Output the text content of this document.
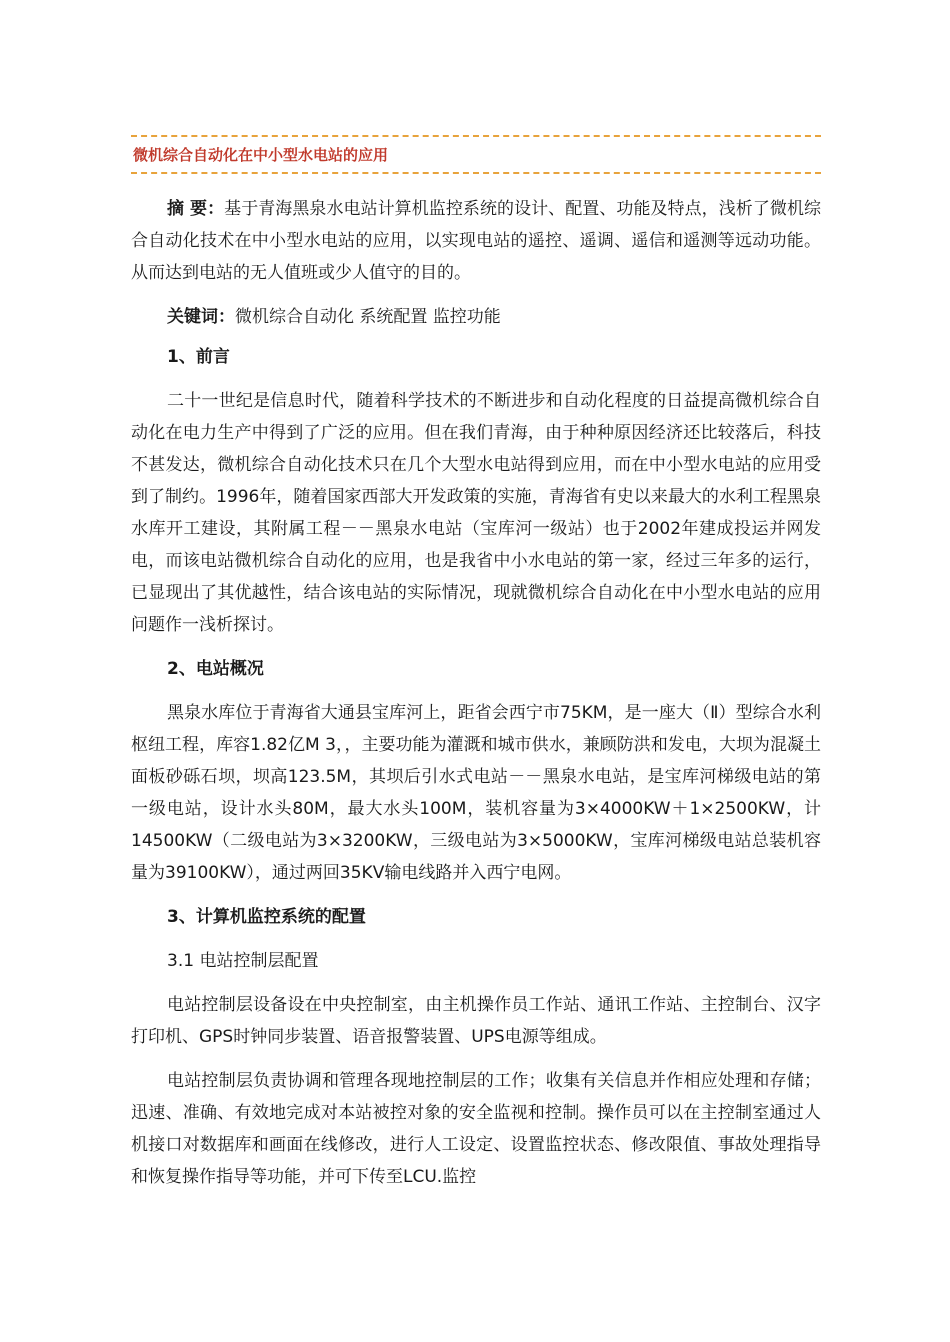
微机综合自动化在中小型水电站的应用

摘 要：基于青海黑泉水电站计算机监控系统的设计、配置、功能及特点，浅析了微机综合自动化技术在中小型水电站的应用，以实现电站的遥控、遥调、遥信和遥测等远动功能。从而达到电站的无人值班或少人值守的目的。

关键词：微机综合自动化 系统配置 监控功能

1、前言

二十一世纪是信息时代，随着科学技术的不断进步和自动化程度的日益提高微机综合自动化在电力生产中得到了广泛的应用。但在我们青海，由于种种原因经济还比较落后，科技不甚发达，微机综合自动化技术只在几个大型水电站得到应用，而在中小型水电站的应用受到了制约。1996年，随着国家西部大开发政策的实施，青海省有史以来最大的水利工程黑泉水库开工建设，其附属工程－－黑泉水电站（宝库河一级站）也于2002年建成投运并网发电，而该电站微机综合自动化的应用，也是我省中小水电站的第一家，经过三年多的运行，已显现出了其优越性，结合该电站的实际情况，现就微机综合自动化在中小型水电站的应用问题作一浅析探讨。

2、电站概况

黑泉水库位于青海省大通县宝库河上，距省会西宁市75KM，是一座大（Ⅱ）型综合水利枢纽工程，库容1.82亿M 3，，主要功能为灌溉和城市供水，兼顾防洪和发电，大坝为混凝土面板砂砾石坝，坝高123.5M，其坝后引水式电站－－黑泉水电站，是宝库河梯级电站的第一级电站，设计水头80M，最大水头100M，装机容量为3×4000KW＋1×2500KW，计14500KW（二级电站为3×3200KW，三级电站为3×5000KW，宝库河梯级电站总装机容量为39100KW），通过两回35KV输电线路并入西宁电网。

3、计算机监控系统的配置

3.1 电站控制层配置

电站控制层设备设在中央控制室，由主机操作员工作站、通讯工作站、主控制台、汉字打印机、GPS时钟同步装置、语音报警装置、UPS电源等组成。

电站控制层负责协调和管理各现地控制层的工作；收集有关信息并作相应处理和存储；迅速、准确、有效地完成对本站被控对象的安全监视和控制。操作员可以在主控制室通过人机接口对数据库和画面在线修改，进行人工设定、设置监控状态、修改限值、事故处理指导和恢复操作指导等功能，并可下传至LCU.监控
